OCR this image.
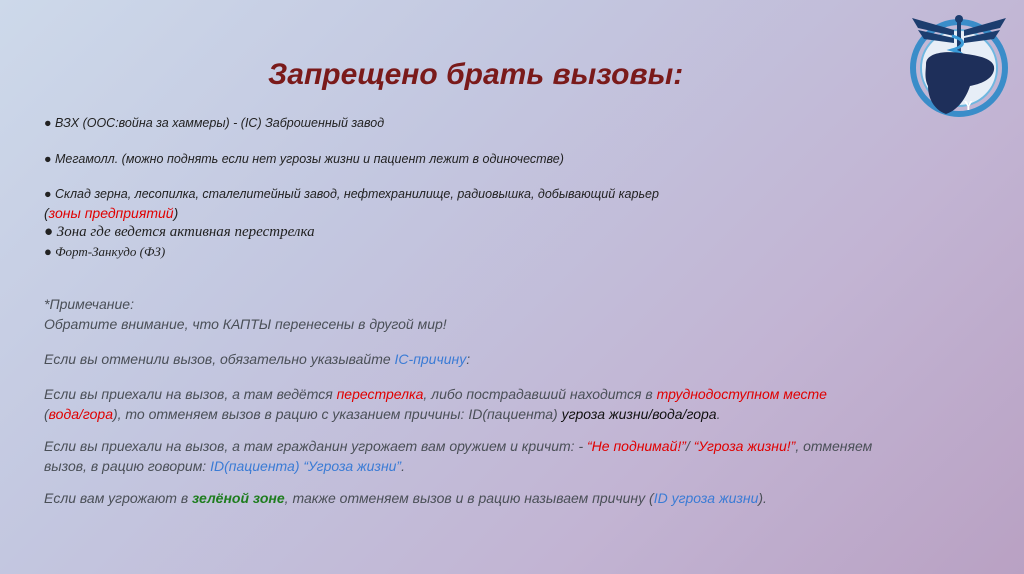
Запрещено брать вызовы:
● ВЗХ (ООС:война за хаммеры) - (IC) Заброшенный завод
● Мегамолл. (можно поднять если нет угрозы жизни и пациент лежит в одиночестве)
● Склад зерна, лесопилка, сталелитейный завод, нефтехранилище, радиовышка, добывающий карьер
(зоны предприятий)
● Зона где ведется активная перестрелка
● Форт-Занкудо (ФЗ)
*Примечание:
Обратите внимание, что КАПТЫ перенесены в другой мир!
Если вы отменили вызов, обязательно указывайте IC-причину:
Если вы приехали на вызов, а там ведётся перестрелка, либо пострадавший находится в труднодоступном месте
(вода/гора), то отменяем вызов в рацию с указанием причины: ID(пациента) угроза жизни/вода/гора.
Если вы приехали на вызов, а там гражданин угрожает вам оружием и кричит: - “Не поднимай!”/ “Угроза жизни!”, отменяем
вызов, в рацию говорим: ID(пациента) “Угроза жизни”.
Если вам угрожают в зелёной зоне, также отменяем вызов и в рацию называем причину (ID угроза жизни).
Y
